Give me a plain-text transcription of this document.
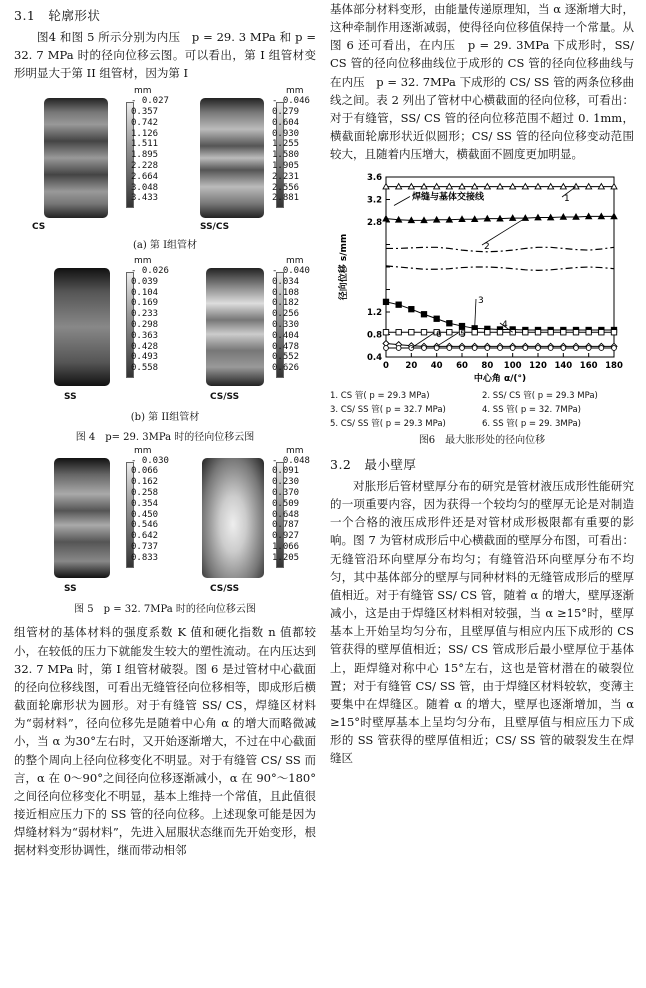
3.1　轮廓形状

图4 和图 5 所示分别为内压　p = 29. 3 MPa 和 p = 32. 7 MPa 时的径向位移云图。可以看出，第 I 组管材变形明显大于第 II 组管材，因为第 I

mm
- 0.027
0.357
0.742
1.126
1.511
1.895
2.228
2.664
3.048
3.433
mm
- 0.046
0.279
0.604
0.930
1.255
1.580
1.905
2.231
2.556
2.881
CS	SS/CS
(a) 第 I组管材
mm
- 0.026
0.039
0.104
0.169
0.233
0.298
0.363
0.428
0.493
0.558
mm
- 0.040
0.034
0.108
0.182
0.256
0.330
0.404
0.478
0.552
0.626
SS	CS/SS
(b) 第 II组管材
图 4　p= 29. 3MPa 时的径向位移云图
mm
- 0.030
0.066
0.162
0.258
0.354
0.450
0.546
0.642
0.737
0.833
mm
- 0.048
0.091
0.230
0.370
0.509
0.648
0.787
0.927
1.066
1.205
SS	CS/SS
图 5　p = 32. 7MPa 时的径向位移云图

组管材的基体材料的强度系数 K 值和硬化指数 n 值都较小，在较低的压力下就能发生较大的塑性流动。在内压达到 32. 7 MPa 时，第 I 组管材破裂。图 6 是过管材中心截面的径向位移线图，可看出无缝管径向位移相等，即成形后横截面轮廓形状为圆形。对于有缝管 SS/ CS，焊缝区材料为“弱材料”，径向位移先是随着中心角 α 的增大而略微减小，当 α 为30°左右时，又开始逐渐增大，不过在中心截面的整个周向上径向位移变化不明显。对于有缝管 CS/ SS 而言，α 在 0～90°之间径向位移逐渐减小，α 在 90°～180°之间径向位移变化不明显，基本上维持一个常值，且此值很接近相应压力下的 SS 管的径向位移。上述现象可能是因为焊缝材料为“弱材料”，先进入屈服状态继而先开始变形，根据材料变形协调性，继而带动相邻

基体部分材料变形，由能量传递原理知，当 α 逐渐增大时，这种牵制作用逐渐减弱，使得径向位移值保持一个常量。从图 6 还可看出，在内压　p = 29. 3MPa 下成形时，SS/ CS 管的径向位移曲线位于成形的 CS 管的径向位移曲线与在内压　p = 32. 7MPa 下成形的 CS/ SS 管的两条位移曲线之间。表 2 列出了管材中心横截面的径向位移，可看出：对于有缝管，SS/ CS 管的径向位移范围不超过 0. 1mm，横截面轮廓形状近似圆形；CS/ SS 管的径向位移变动范围较大，且随着内压增大，横截面不圆度更加明显。

0 20 40 60 80 100 120 140 160 180
0.4
0.8
1.2
2.8
3.2
3.6
中心角 α/(°)
径向位移 s/mm
1
2
3
4
5
6
焊缝与基体交接线
1. CS 管( p = 29.3 MPa)	2. SS/ CS 管( p = 29.3 MPa)
3. CS/ SS 管( p = 32.7 MPa)	4. SS 管( p = 32. 7MPa)
5. CS/ SS 管( p = 29.3 MPa)	6. SS 管( p = 29. 3MPa)
图6　最大胀形处的径向位移
3.2　最小壁厚

对胀形后管材壁厚分布的研究是管材液压成形性能研究的一项重要内容，因为获得一个较均匀的壁厚无论是对制造一个合格的液压成形件还是对管材成形极限都有重要的影响。图 7 为管材成形后中心横截面的壁厚分布图，可看出：无缝管沿环向壁厚分布均匀；有缝管沿环向壁厚分布不均匀，其中基体部分的壁厚与同种材料的无缝管成形后的壁厚值相近。对于有缝管 SS/ CS 管，随着 α 的增大，壁厚逐渐减小，这是由于焊缝区材料相对较强，当 α ≥15°时，壁厚基本上开始呈均匀分布，且壁厚值与相应内压下成形的 CS 管获得的壁厚值相近；SS/ CS 管成形后最小壁厚位于基体上，距焊缝对称中心 15°左右，这也是管材潜在的破裂位置；对于有缝管 CS/ SS 管，由于焊缝区材料较软，变薄主要集中在焊缝区。随着 α 的增大，壁厚也逐渐增加，当 α ≥15°时壁厚基本上呈均匀分布，且壁厚值与相应压力下成形的 SS 管获得的壁厚值相近；CS/ SS 管的破裂发生在焊缝区
